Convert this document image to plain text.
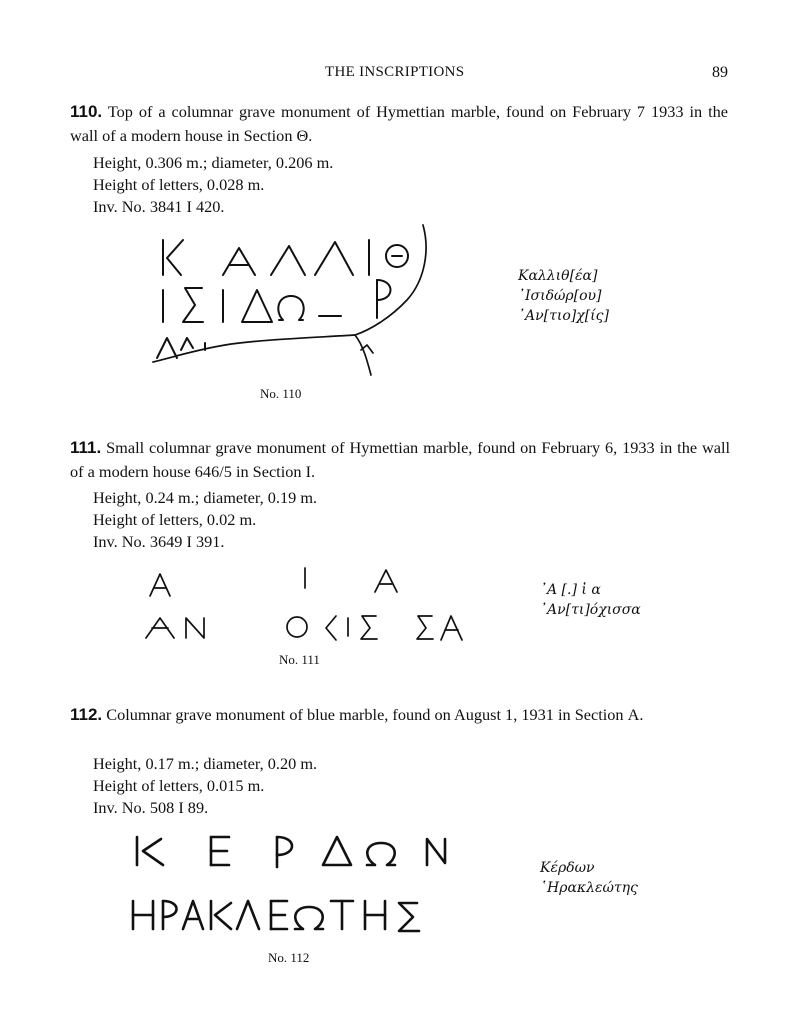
THE INSCRIPTIONS	89
110. Top of a columnar grave monument of Hymettian marble, found on February 7 1933 in the wall of a modern house in Section Θ.
Height, 0.306 m.; diameter, 0.206 m.
Height of letters, 0.028 m.
Inv. No. 3841 I 420.
No. 110
Καλλιθ[έα]
᾽Ισιδώρ[ου]
᾽Αν[τιο]χ[ίς]
111. Small columnar grave monument of Hymettian marble, found on February 6, 1933 in the wall of a modern house 646/5 in Section I.
Height, 0.24 m.; diameter, 0.19 m.
Height of letters, 0.02 m.
Inv. No. 3649 I 391.
No. 111
᾽Α [.] ἰ α
᾽Αν[τι]όχισσα
112. Columnar grave monument of blue marble, found on August 1, 1931 in Section Α.
Height, 0.17 m.; diameter, 0.20 m.
Height of letters, 0.015 m.
Inv. No. 508 I 89.
No. 112
Κέρδων
῾Ηρακλεώτης
